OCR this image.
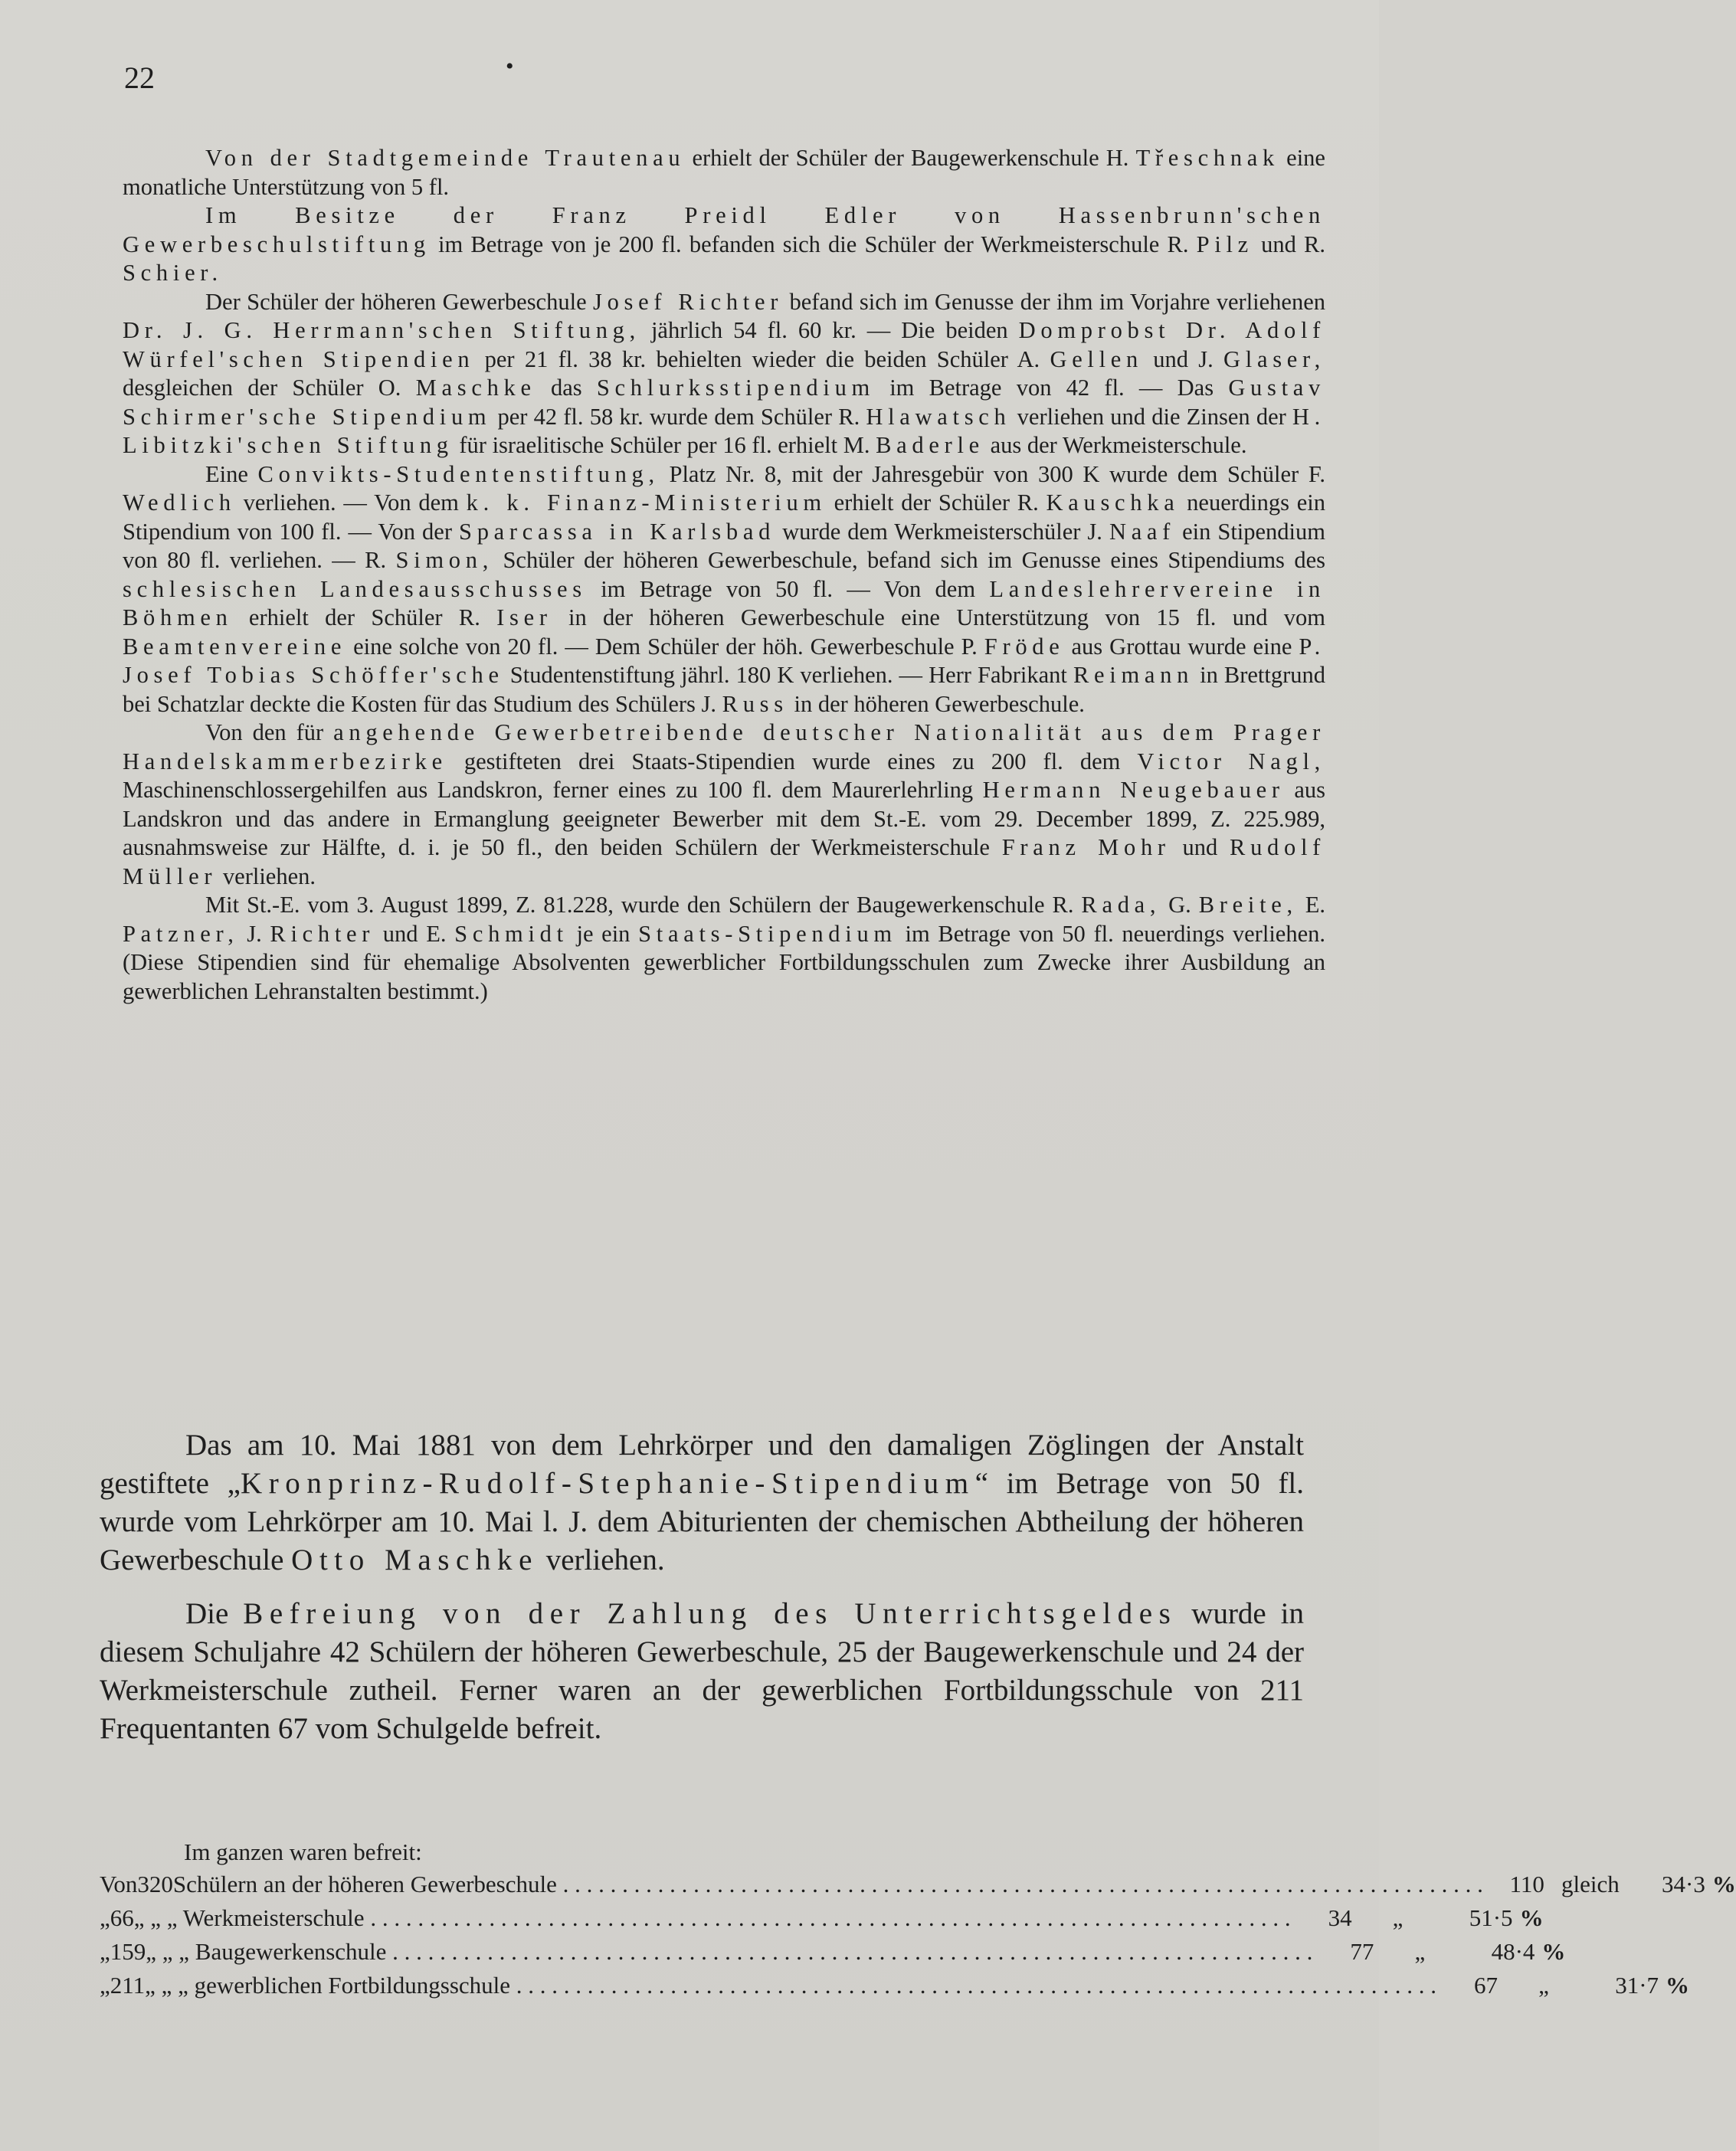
22	•

Von der Stadtgemeinde Trautenau erhielt der Schüler der Baugewerkenschule H. Třeschnak eine monatliche Unterstützung von 5 fl.

Im Besitze der Franz Preidl Edler von Hassenbrunn'schen Gewerbeschulstiftung im Betrage von je 200 fl. befanden sich die Schüler der Werkmeisterschule R. Pilz und R. Schier.

Der Schüler der höheren Gewerbeschule Josef Richter befand sich im Genusse der ihm im Vorjahre verliehenen Dr. J. G. Herrmann'schen Stiftung, jährlich 54 fl. 60 kr. — Die beiden Domprobst Dr. Adolf Würfel'schen Stipendien per 21 fl. 38 kr. behielten wieder die beiden Schüler A. Gellen und J. Glaser, desgleichen der Schüler O. Maschke das Schlurksstipendium im Betrage von 42 fl. — Das Gustav Schirmer'sche Stipendium per 42 fl. 58 kr. wurde dem Schüler R. Hlawatsch verliehen und die Zinsen der H. Libitzki'schen Stiftung für israelitische Schüler per 16 fl. erhielt M. Baderle aus der Werkmeisterschule.

Eine Convikts-Studentenstiftung, Platz Nr. 8, mit der Jahresgebür von 300 K wurde dem Schüler F. Wedlich verliehen. — Von dem k. k. Finanz-Ministerium erhielt der Schüler R. Kauschka neuerdings ein Stipendium von 100 fl. — Von der Sparcassa in Karlsbad wurde dem Werkmeisterschüler J. Naaf ein Stipendium von 80 fl. verliehen. — R. Simon, Schüler der höheren Gewerbeschule, befand sich im Genusse eines Stipendiums des schlesischen Landesausschusses im Betrage von 50 fl. — Von dem Landeslehrervereine in Böhmen erhielt der Schüler R. Iser in der höheren Gewerbeschule eine Unterstützung von 15 fl. und vom Beamtenvereine eine solche von 20 fl. — Dem Schüler der höh. Gewerbeschule P. Fröde aus Grottau wurde eine P. Josef Tobias Schöffer'sche Studentenstiftung jährl. 180 K verliehen. — Herr Fabrikant Reimann in Brettgrund bei Schatzlar deckte die Kosten für das Studium des Schülers J. Russ in der höheren Gewerbeschule.

Von den für angehende Gewerbetreibende deutscher Nationalität aus dem Prager Handelskammerbezirke gestifteten drei Staats-Stipendien wurde eines zu 200 fl. dem Victor Nagl, Maschinenschlossergehilfen aus Landskron, ferner eines zu 100 fl. dem Maurerlehrling Hermann Neugebauer aus Landskron und das andere in Ermanglung geeigneter Bewerber mit dem St.-E. vom 29. December 1899, Z. 225.989, ausnahmsweise zur Hälfte, d. i. je 50 fl., den beiden Schülern der Werkmeisterschule Franz Mohr und Rudolf Müller verliehen.

Mit St.-E. vom 3. August 1899, Z. 81.228, wurde den Schülern der Baugewerkenschule R. Rada, G. Breite, E. Patzner, J. Richter und E. Schmidt je ein Staats-Stipendium im Betrage von 50 fl. neuerdings verliehen. (Diese Stipendien sind für ehemalige Absolventen gewerblicher Fortbildungsschulen zum Zwecke ihrer Ausbildung an gewerblichen Lehranstalten bestimmt.)

Das am 10. Mai 1881 von dem Lehrkörper und den damaligen Zöglingen der Anstalt gestiftete „Kronprinz-Rudolf-Stephanie-Stipendium“ im Betrage von 50 fl. wurde vom Lehrkörper am 10. Mai l. J. dem Abiturienten der chemischen Abtheilung der höheren Gewerbeschule Otto Maschke verliehen.

Die Befreiung von der Zahlung des Unterrichtsgeldes wurde in diesem Schuljahre 42 Schülern der höheren Gewerbeschule, 25 der Baugewerkenschule und 24 der Werkmeisterschule zutheil. Ferner waren an der gewerblichen Fortbildungsschule von 211 Frequentanten 67 vom Schulgelde befreit.

Im ganzen waren befreit:
Von 320 Schülern an der höheren Gewerbeschule . . .	110 gleich	34·3 %
„ 66 „ „ „ Werkmeisterschule . . .	34	„	51·5 %
„ 159 „ „ „ Baugewerkenschule . . .	77	„	48·4 %
„ 211 „ „ „ gewerblichen Fortbildungsschule . . .	67	„	31·7 %
